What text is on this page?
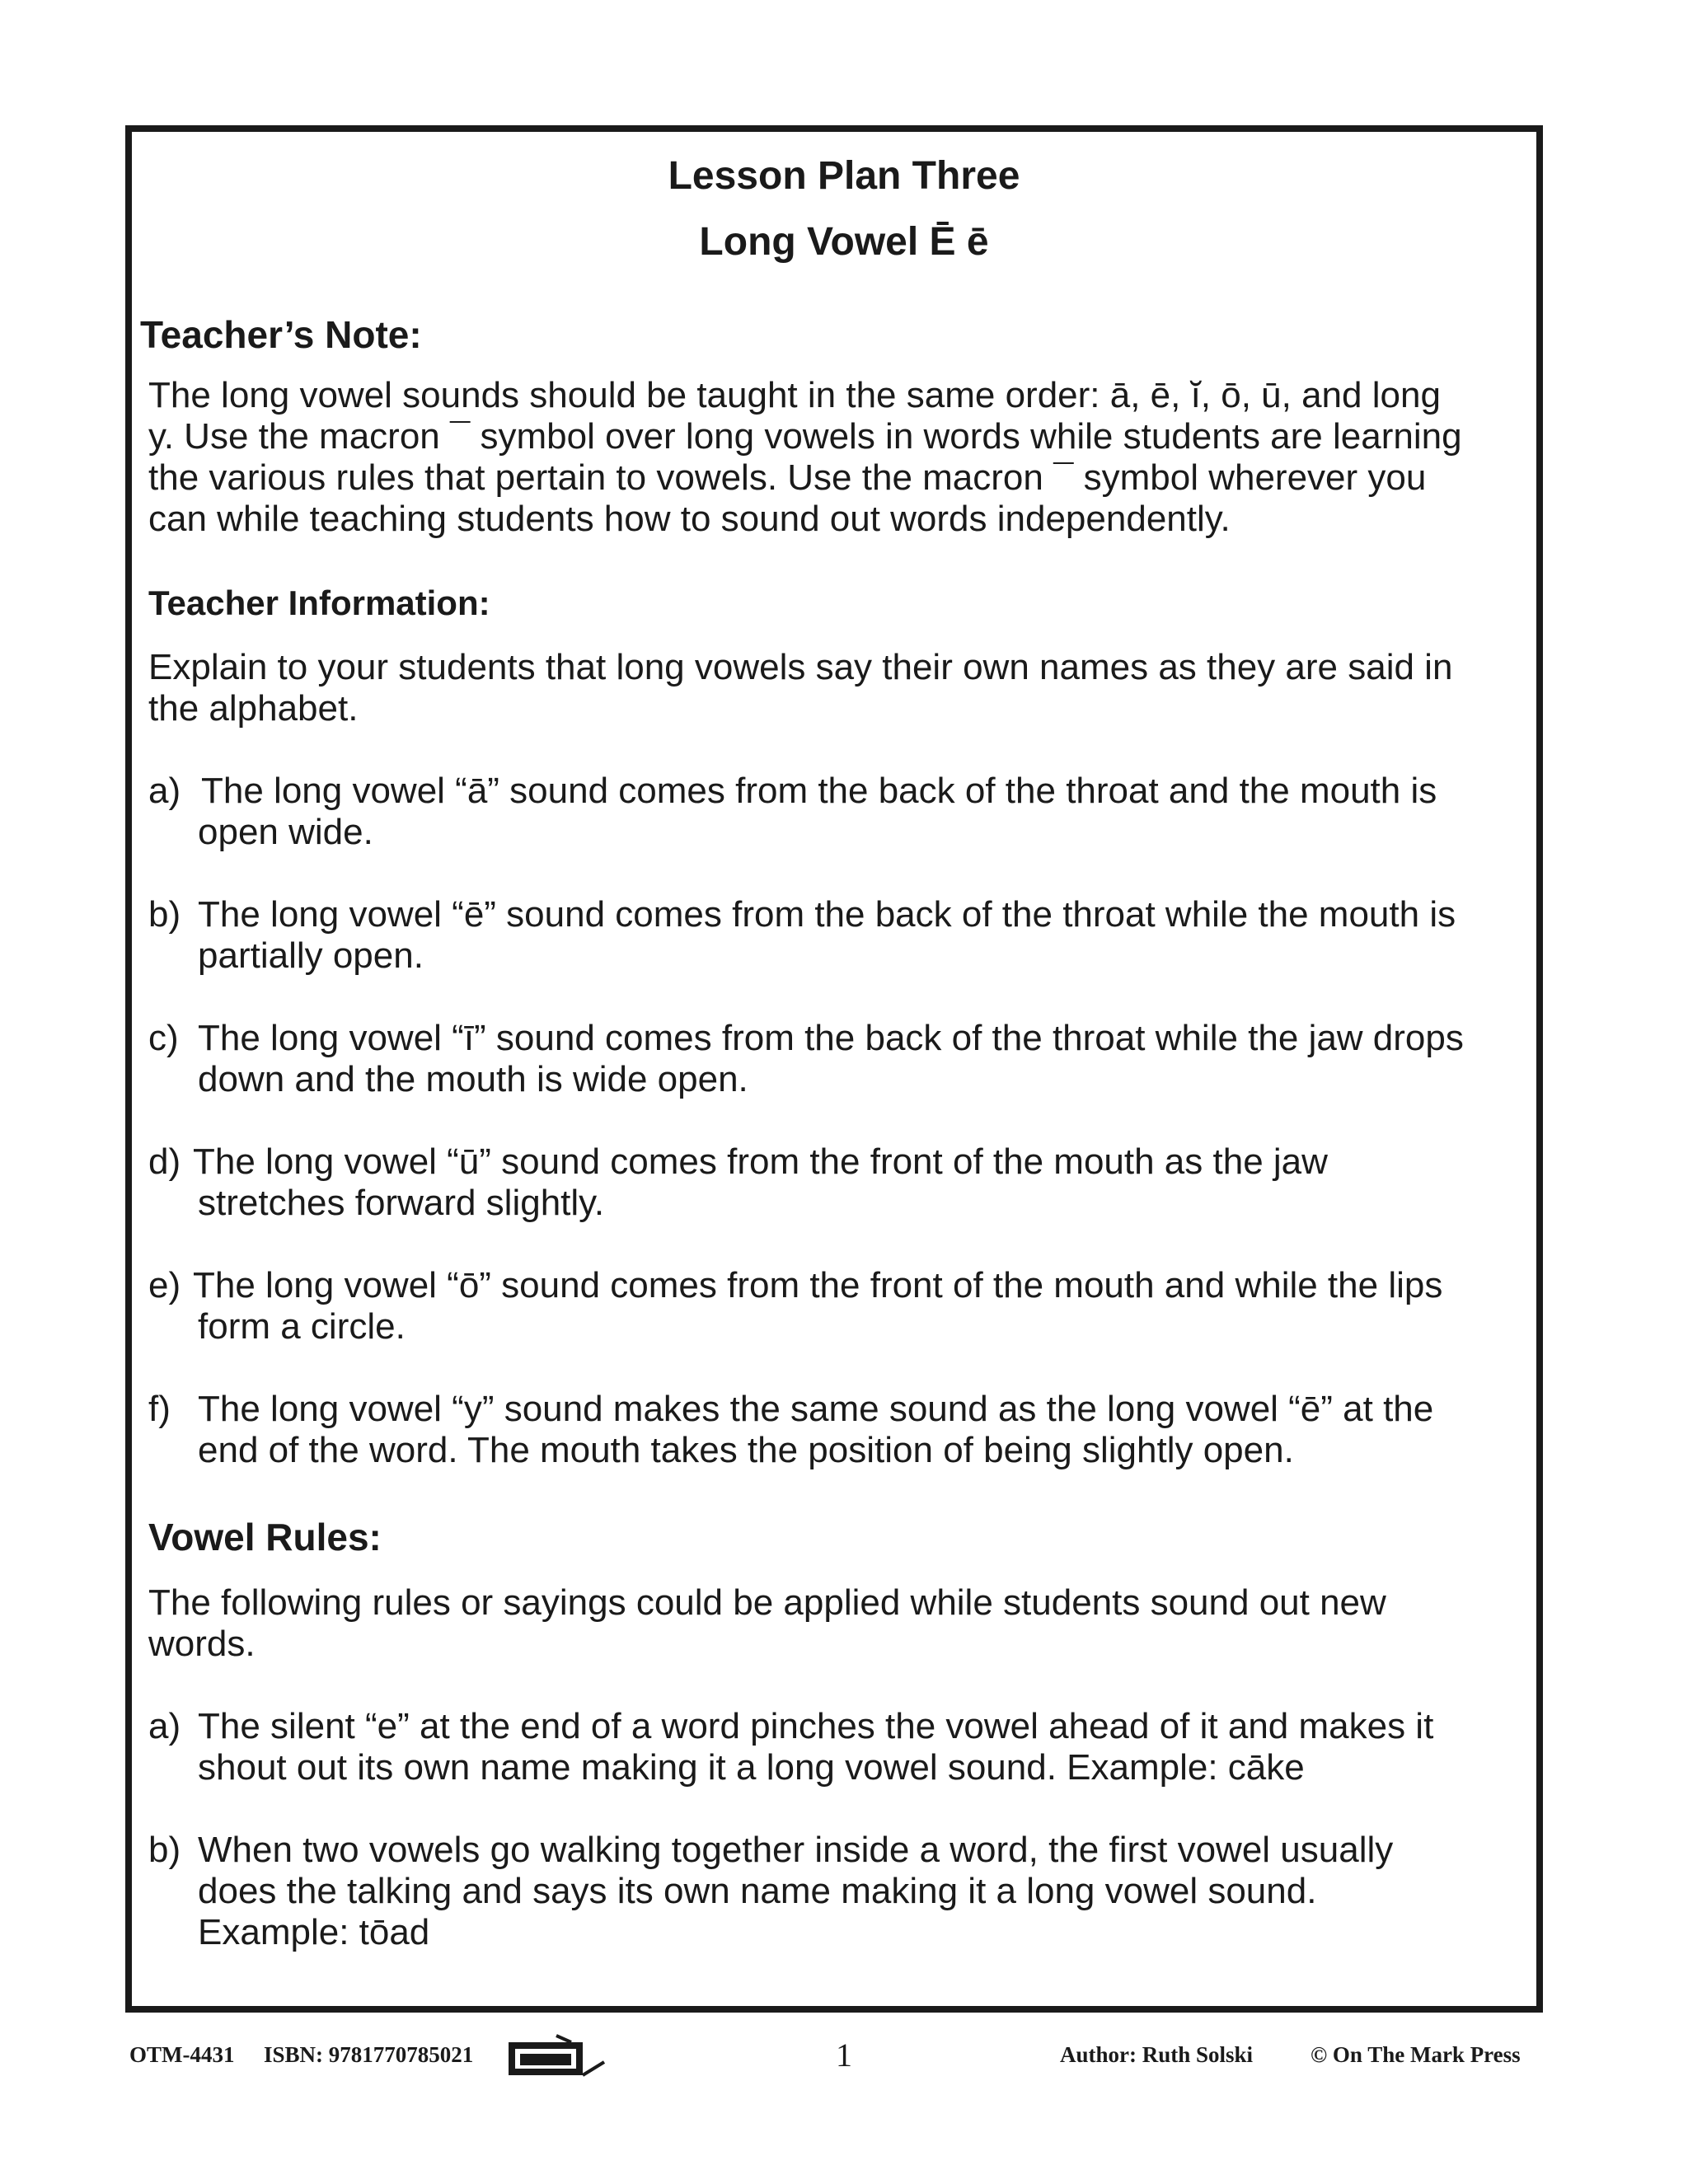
Lesson Plan Three
Long Vowel Ē ē
Teacher’s Note:
The long vowel sounds should be taught in the same order: ā, ē, ĭ, ō, ū, and long
y. Use the macron ¯ symbol over long vowels in words while students are learning
the various rules that pertain to vowels. Use the macron ¯ symbol wherever you
can while teaching students how to sound out words independently.
Teacher Information:
Explain to your students that long vowels say their own names as they are said in
the alphabet.
a) The long vowel “ā” sound comes from the back of the throat and the mouth is
open wide.
b) The long vowel “ē” sound comes from the back of the throat while the mouth is
partially open.
c) The long vowel “ī” sound comes from the back of the throat while the jaw drops
down and the mouth is wide open.
d) The long vowel “ū” sound comes from the front of the mouth as the jaw
stretches forward slightly.
e) The long vowel “ō” sound comes from the front of the mouth and while the lips
form a circle.
f) The long vowel “y” sound makes the same sound as the long vowel “ē” at the
end of the word. The mouth takes the position of being slightly open.
Vowel Rules:
The following rules or sayings could be applied while students sound out new
words.
a) The silent “e” at the end of a word pinches the vowel ahead of it and makes it
shout out its own name making it a long vowel sound. Example: cāke
b) When two vowels go walking together inside a word, the first vowel usually
does the talking and says its own name making it a long vowel sound.
Example: tōad
OTM-4431 ISBN: 9781770785021	1	Author: Ruth Solski	© On The Mark Press
